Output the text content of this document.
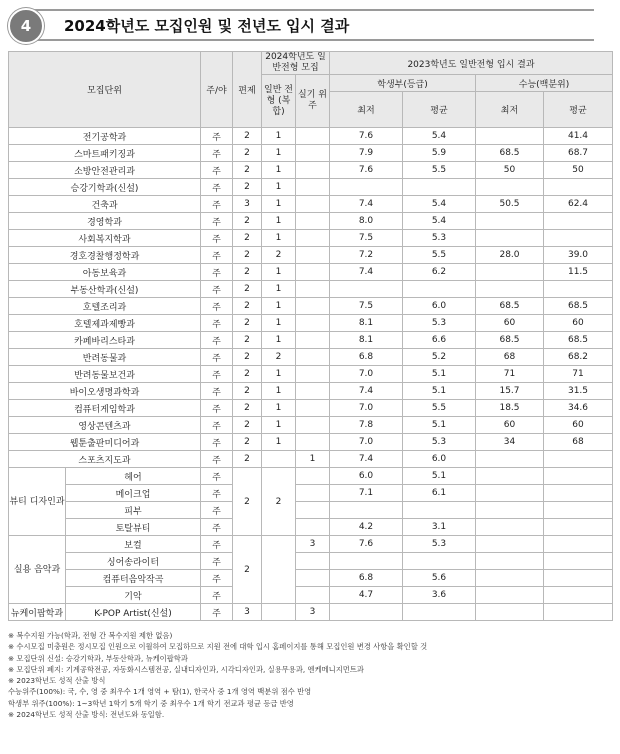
4	2024학년도 모집인원 및 전년도 입시 결과
모집단위		주/야	편제	2024학년도 일반전형 모집		2023학년도 일반전형 입시 결과			
				일반 전형 (복합)	실기 위주	학생부(등급)		수능(백분위)	
						최저	평균	최저	평균
전기공학과		주	2	1		7.6	5.4		41.4
스마트패키징과		주	2	1		7.9	5.9	68.5	68.7
소방안전관리과		주	2	1		7.6	5.5	50	50
승강기학과(신설)		주	2	1					
건축과		주	3	1		7.4	5.4	50.5	62.4
경영학과		주	2	1		8.0	5.4		
사회복지학과		주	2	1		7.5	5.3		
경호경찰행정학과		주	2	2		7.2	5.5	28.0	39.0
아동보육과		주	2	1		7.4	6.2		11.5
부동산학과(신설)		주	2	1					
호텔조리과		주	2	1		7.5	6.0	68.5	68.5
호텔제과제빵과		주	2	1		8.1	5.3	60	60
카페바리스타과		주	2	1		8.1	6.6	68.5	68.5
반려동물과		주	2	2		6.8	5.2	68	68.2
반려동물보건과		주	2	1		7.0	5.1	71	71
바이오생명과학과		주	2	1		7.4	5.1	15.7	31.5
컴퓨터게임학과		주	2	1		7.0	5.5	18.5	34.6
영상콘텐츠과		주	2	1		7.8	5.1	60	60
웹툰출판미디어과		주	2	1		7.0	5.3	34	68
스포츠지도과		주	2		1	7.4	6.0		
뷰티 디자인과	헤어	주	2	2		6.0	5.1		
	메이크업	주				7.1	6.1		
	피부	주							
	토탈뷰티	주				4.2	3.1		
실용 음악과	보컬	주	2		3	7.6	5.3		
	싱어송라이터	주							
	컴퓨터음악작곡	주				6.8	5.6		
	기악	주				4.7	3.6		
뉴케이팝학과	K-POP Artist(신설)	주	3		3				
※ 복수지원 가능(학과, 전형 간 복수지원 제한 없음)
※ 수시모집 미충원은 정시모집 인원으로 이월하여 모집하므로 지원 전에 대학 입시 홈페이지를 통해 모집인원 변경 사항을 확인할 것
※ 모집단위 신설: 승강기학과, 부동산학과, 뉴케이팝학과
※ 모집단위 폐지: 기계공학전공, 자동화시스템전공, 실내디자인과, 시각디자인과, 실용무용과, 엔케메니지먼트과
※ 2023학년도 성적 산출 방식
수능위주(100%): 국, 수, 영 중 최우수 1개 영역 + 탐(1), 한국사 중 1개 영역 백분위 점수 반영
학생부 위주(100%): 1~3학년 1학기 5개 학기 중 최우수 1개 학기 전교과 평균 등급 반영
※ 2024학년도 성적 산출 방식: 전년도와 동일함.
